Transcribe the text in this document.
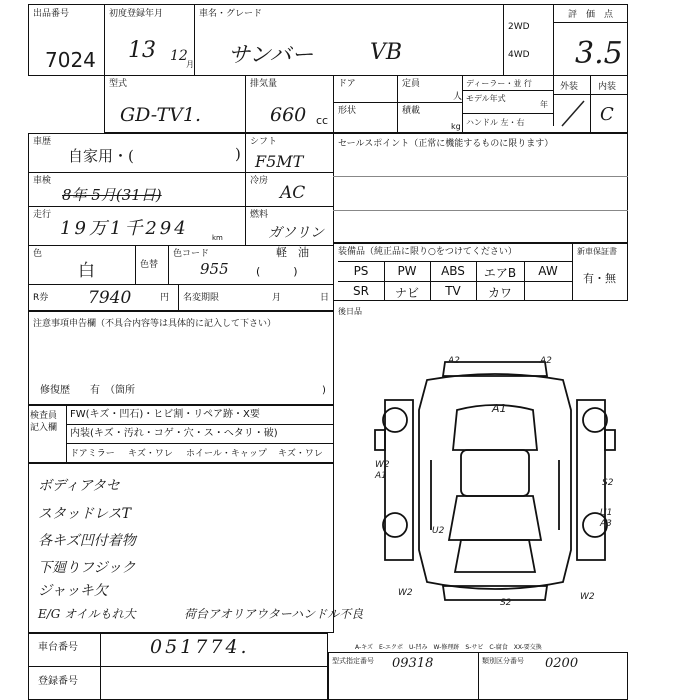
出品番号
7024
初度登録年月
13 12
月
車名・グレード
サンバー	VB
2WD
4WD
評　価　点
3.5
型式
GD-TV1.
排気量
660 cc
ドア	定員
人
形状	積載
kg
ディーラー・並 行
モデル年式
年
ハンドル 左・右
外装 内装
C
車歴
自家用・(	)
シフト
F5MT
車検
8年 5月(31日)
冷房
AC
走行
19万1千294	km
燃料
ガソリン
軽　油
(　　　)
色
白	色替
色コード
955
R券 7940	円 名変期限	月	日
セールスポイント（正常に機能するものに限ります）
装備品（純正品に限り○をつけてください）	新車保証書
有・無
PS	PW	ABS	エアB	AW
SR	ナビ	TV	カワ
注意事項申告欄（不具合内容等は具体的に記入して下さい）
修復歴　　有　（箇所	)
後日品
検査員記入欄
FW(キズ・凹石)・ヒビ割・リペア跡・X要
内装(キズ・汚れ・コゲ・穴・ス・へタリ・破)
ドアミラー キズ・ワレ ホイール・キャップ キズ・ワレ
ボディアタセ
スタッドレスT
各キズ凹付着物
下廻りフジック
ジャッキ欠
E/G オイルもれ大	荷台アオリアウターハンドル不良
A2	A2
A1
W2 A1
S2
U1 A3
U2
S2
W2	W2
車台番号	051774.
登録番号
A-キズ　E-エクボ　U-凹み　W-修理跡　S-サビ　C-腐食　XX-要交換
型式指定番号 09318	類別区分番号 0200
